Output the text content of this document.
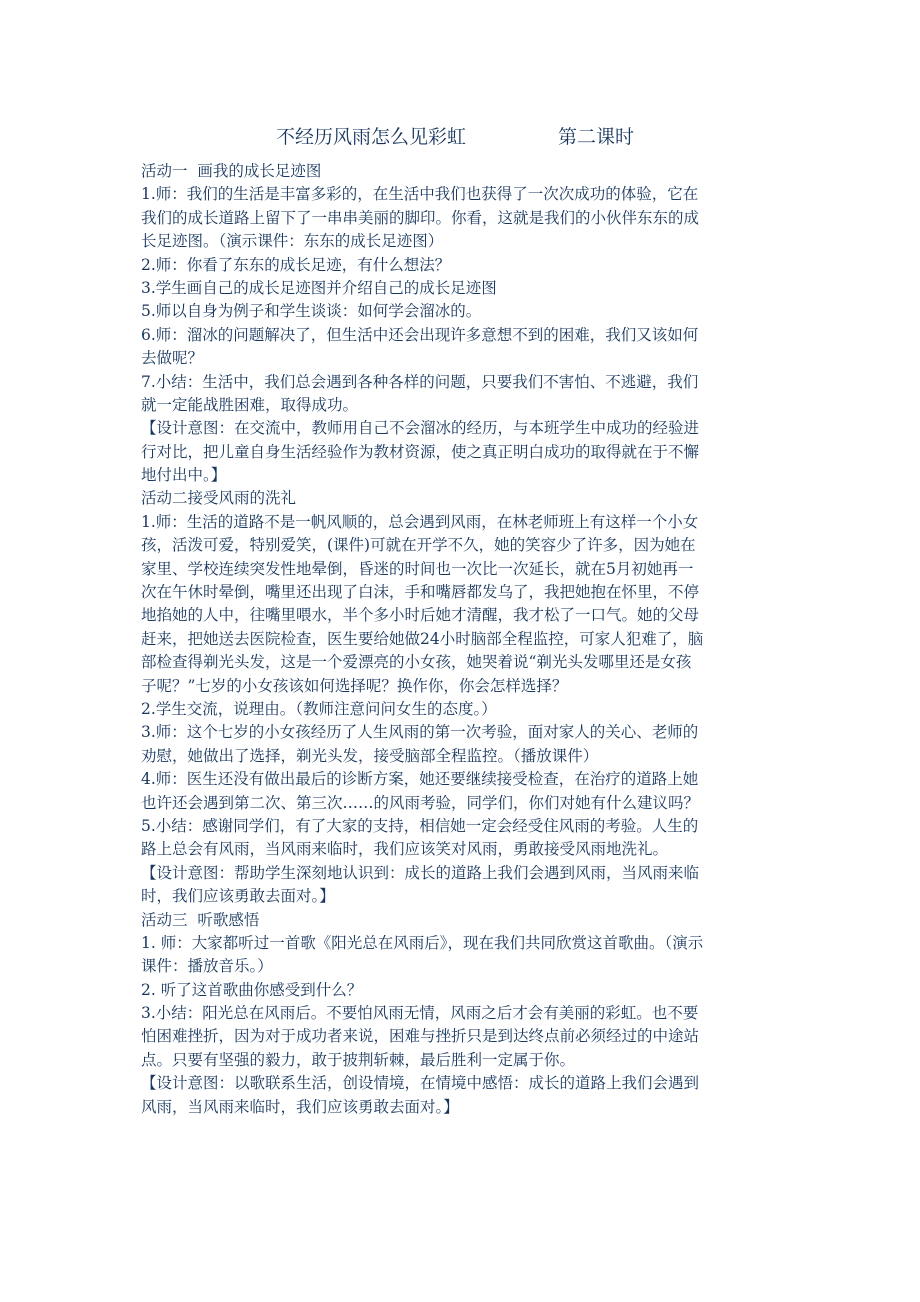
不经历风雨怎么见彩虹	第二课时
活动一  画我的成长足迹图
1.师：我们的生活是丰富多彩的，在生活中我们也获得了一次次成功的体验，它在
我们的成长道路上留下了一串串美丽的脚印。你看，这就是我们的小伙伴东东的成
长足迹图。（演示课件：东东的成长足迹图）
2.师：你看了东东的成长足迹，有什么想法？
3.学生画自己的成长足迹图并介绍自己的成长足迹图
5.师以自身为例子和学生谈谈：如何学会溜冰的。
6.师：溜冰的问题解决了，但生活中还会出现许多意想不到的困难，我们又该如何
去做呢？
7.小结：生活中，我们总会遇到各种各样的问题，只要我们不害怕、不逃避，我们
就一定能战胜困难，取得成功。
【设计意图：在交流中，教师用自己不会溜冰的经历，与本班学生中成功的经验进
行对比，把儿童自身生活经验作为教材资源，使之真正明白成功的取得就在于不懈
地付出中。】
活动二接受风雨的洗礼
1.师：生活的道路不是一帆风顺的，总会遇到风雨，在林老师班上有这样一个小女
孩，活泼可爱，特别爱笑，(课件)可就在开学不久，她的笑容少了许多，因为她在
家里、学校连续突发性地晕倒，昏迷的时间也一次比一次延长，就在5月初她再一
次在午休时晕倒，嘴里还出现了白沫，手和嘴唇都发乌了，我把她抱在怀里，不停
地掐她的人中，往嘴里喂水，半个多小时后她才清醒，我才松了一口气。她的父母
赶来，把她送去医院检查，医生要给她做24小时脑部全程监控，可家人犯难了，脑
部检查得剃光头发，这是一个爱漂亮的小女孩，她哭着说“剃光头发哪里还是女孩
子呢？”七岁的小女孩该如何选择呢？换作你，你会怎样选择？
2.学生交流，说理由。（教师注意问问女生的态度。）
3.师：这个七岁的小女孩经历了人生风雨的第一次考验，面对家人的关心、老师的
劝慰，她做出了选择，剃光头发，接受脑部全程监控。（播放课件）
4.师：医生还没有做出最后的诊断方案，她还要继续接受检查，在治疗的道路上她
也许还会遇到第二次、第三次……的风雨考验，同学们，你们对她有什么建议吗？
5.小结：感谢同学们，有了大家的支持，相信她一定会经受住风雨的考验。人生的
路上总会有风雨，当风雨来临时，我们应该笑对风雨，勇敢接受风雨地洗礼。
【设计意图：帮助学生深刻地认识到：成长的道路上我们会遇到风雨，当风雨来临
时，我们应该勇敢去面对。】
活动三  听歌感悟
1. 师：大家都听过一首歌《阳光总在风雨后》，现在我们共同欣赏这首歌曲。（演示
课件：播放音乐。）
2. 听了这首歌曲你感受到什么？
3.小结：阳光总在风雨后。不要怕风雨无情，风雨之后才会有美丽的彩虹。也不要
怕困难挫折，因为对于成功者来说，困难与挫折只是到达终点前必须经过的中途站
点。只要有坚强的毅力，敢于披荆斩棘，最后胜利一定属于你。
【设计意图：以歌联系生活，创设情境，在情境中感悟：成长的道路上我们会遇到
风雨，当风雨来临时，我们应该勇敢去面对。】
